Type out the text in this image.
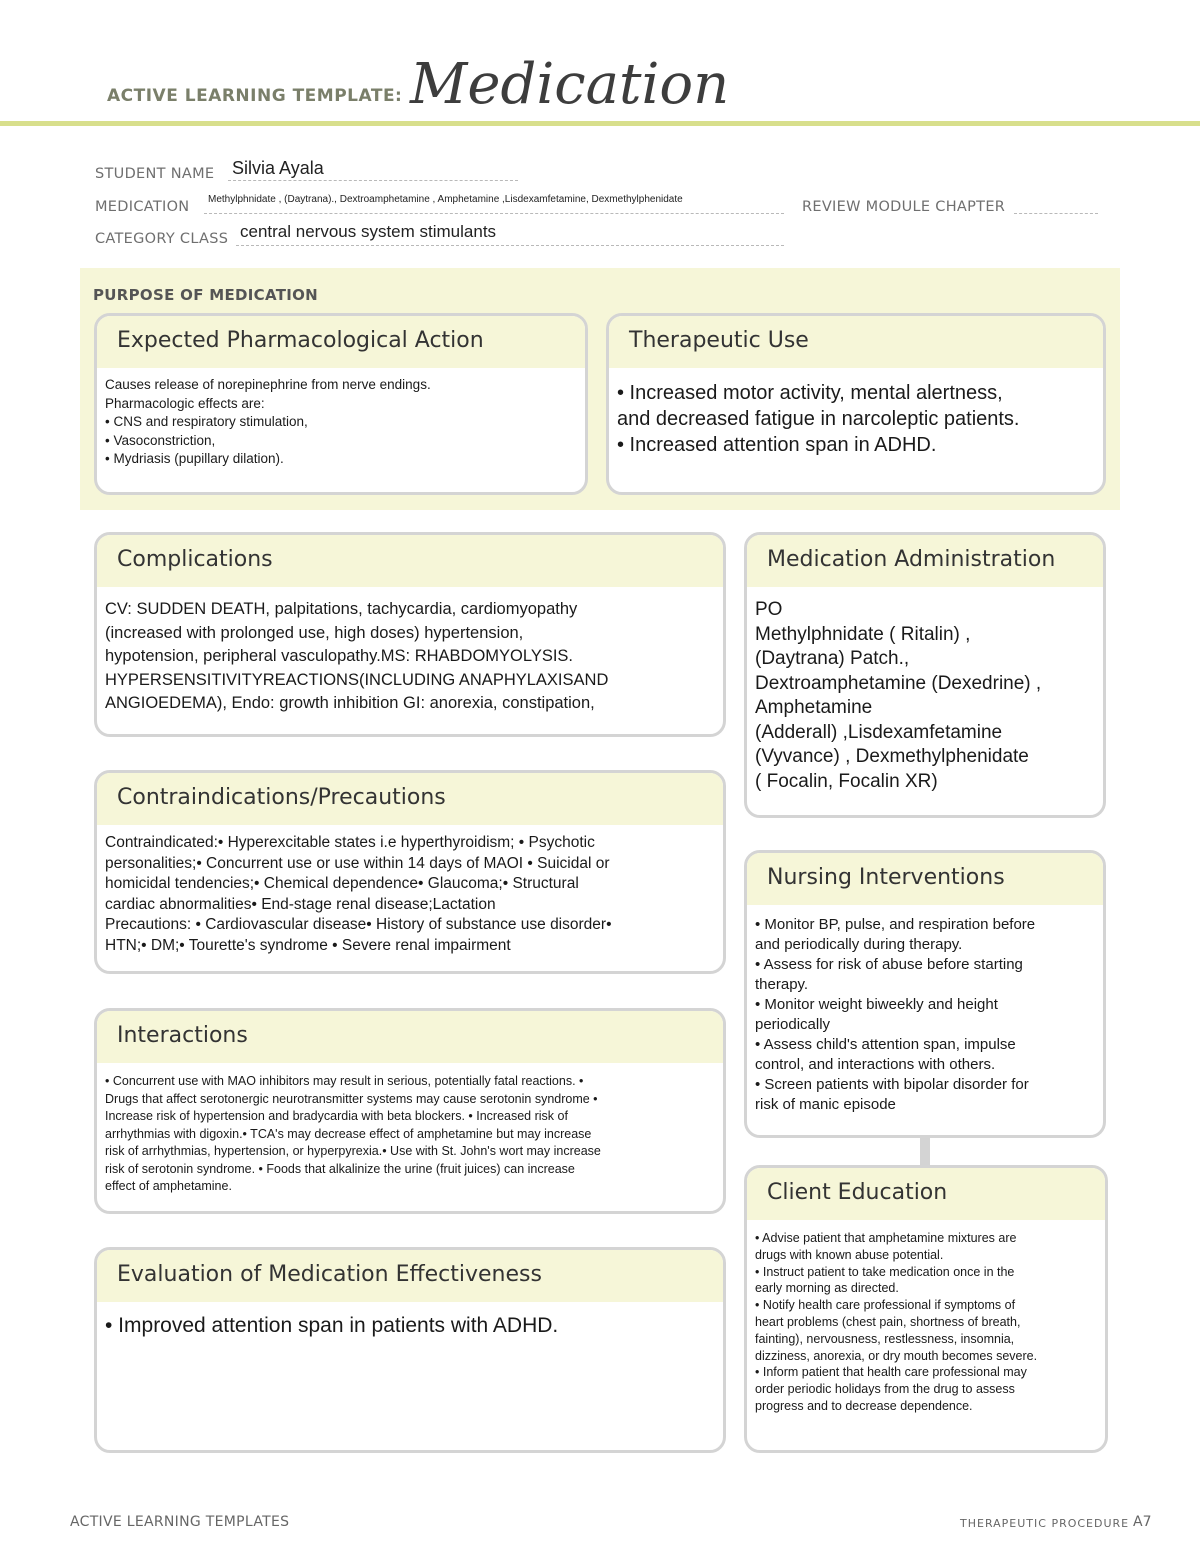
ACTIVE LEARNING TEMPLATE: Medication
STUDENT NAME Silvia Ayala
MEDICATION Methylphnidate , (Daytrana)., Dextroamphetamine , Amphetamine ,Lisdexamfetamine, Dexmethylphenidate	REVIEW MODULE CHAPTER
CATEGORY CLASS central nervous system stimulants
PURPOSE OF MEDICATION
Expected Pharmacological Action
Causes release of norepinephrine from nerve endings.
Pharmacologic effects are:
• CNS and respiratory stimulation,
• Vasoconstriction,
• Mydriasis (pupillary dilation).
Therapeutic Use
• Increased motor activity, mental alertness,
and decreased fatigue in narcoleptic patients.
• Increased attention span in ADHD.
Complications
CV: SUDDEN DEATH, palpitations, tachycardia, cardiomyopathy
(increased with prolonged use, high doses) hypertension,
hypotension, peripheral vasculopathy.MS: RHABDOMYOLYSIS.
HYPERSENSITIVITYREACTIONS(INCLUDING ANAPHYLAXISAND
ANGIOEDEMA), Endo: growth inhibition GI: anorexia, constipation,
Medication Administration
PO
Methylphnidate ( Ritalin) ,
(Daytrana) Patch.,
Dextroamphetamine (Dexedrine) ,
Amphetamine
(Adderall) ,Lisdexamfetamine
(Vyvance) , Dexmethylphenidate
( Focalin, Focalin XR)
Contraindications/Precautions
Contraindicated:• Hyperexcitable states i.e hyperthyroidism; • Psychotic
personalities;• Concurrent use or use within 14 days of MAOI • Suicidal or
homicidal tendencies;• Chemical dependence• Glaucoma;• Structural
cardiac abnormalities• End-stage renal disease;Lactation
Precautions: • Cardiovascular disease• History of substance use disorder•
HTN;• DM;• Tourette's syndrome • Severe renal impairment
Nursing Interventions
• Monitor BP, pulse, and respiration before
and periodically during therapy.
• Assess for risk of abuse before starting
therapy.
• Monitor weight biweekly and height
periodically
• Assess child's attention span, impulse
control, and interactions with others.
• Screen patients with bipolar disorder for
risk of manic episode
Interactions
• Concurrent use with MAO inhibitors may result in serious, potentially fatal reactions. •
Drugs that affect serotonergic neurotransmitter systems may cause serotonin syndrome •
Increase risk of hypertension and bradycardia with beta blockers. • Increased risk of
arrhythmias with digoxin.• TCA's may decrease effect of amphetamine but may increase
risk of arrhythmias, hypertension, or hyperpyrexia.• Use with St. John's wort may increase
risk of serotonin syndrome. • Foods that alkalinize the urine (fruit juices) can increase
effect of amphetamine.	Client Education
• Advise patient that amphetamine mixtures are
drugs with known abuse potential.
• Instruct patient to take medication once in the
early morning as directed.
• Notify health care professional if symptoms of
heart problems (chest pain, shortness of breath,
fainting), nervousness, restlessness, insomnia,
dizziness, anorexia, or dry mouth becomes severe.
• Inform patient that health care professional may
order periodic holidays from the drug to assess
progress and to decrease dependence.
Evaluation of Medication Effectiveness
• Improved attention span in patients with ADHD.
ACTIVE LEARNING TEMPLATES	THERAPEUTIC PROCEDURE A7
